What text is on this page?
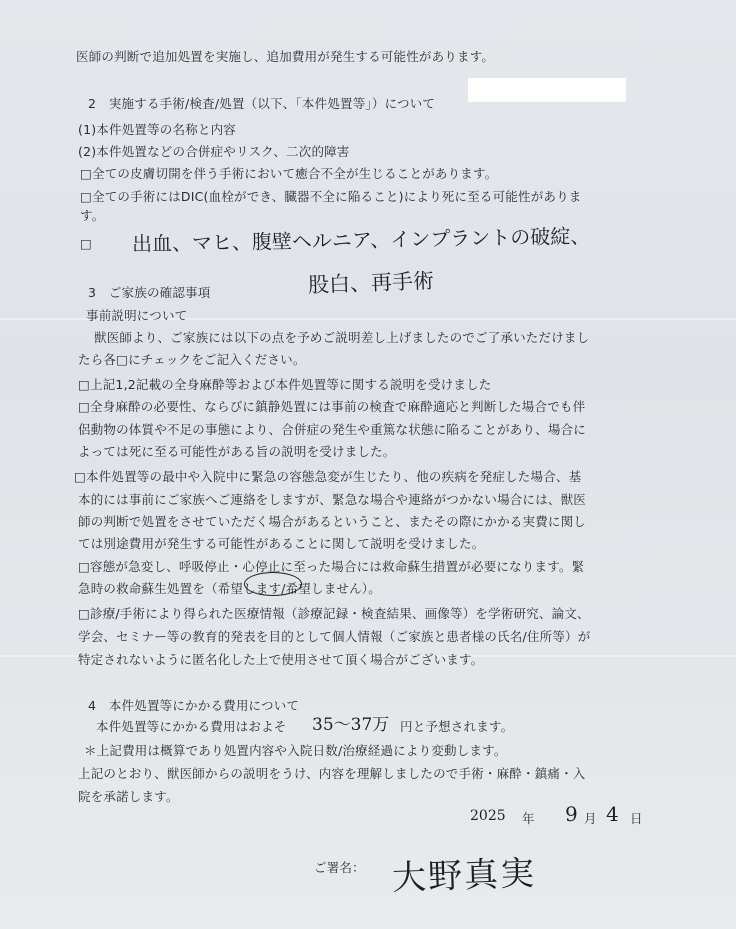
医師の判断で追加処置を実施し、追加費用が発生する可能性があります。
2　実施する手術/検査/処置（以下、「本件処置等」）について
(1)本件処置等の名称と内容
(2)本件処置などの合併症やリスク、二次的障害
□全ての皮膚切開を伴う手術において癒合不全が生じることがあります。
□全ての手術にはDIC(血栓ができ、臓器不全に陥ること)により死に至る可能性がありま
す。
□ 出血、マヒ、腹壁ヘルニア、インプラントの破綻、
股白、再手術
3　ご家族の確認事項
事前説明について
獣医師より、ご家族には以下の点を予めご説明差し上げましたのでご了承いただけまし
たら各□にチェックをご記入ください。
□上記1,2記載の全身麻酔等および本件処置等に関する説明を受けました
□全身麻酔の必要性、ならびに鎮静処置には事前の検査で麻酔適応と判断した場合でも伴
侶動物の体質や不足の事態により、合併症の発生や重篤な状態に陥ることがあり、場合に
よっては死に至る可能性がある旨の説明を受けました。
□本件処置等の最中や入院中に緊急の容態急変が生じたり、他の疾病を発症した場合、基
本的には事前にご家族へご連絡をしますが、緊急な場合や連絡がつかない場合には、獣医
師の判断で処置をさせていただく場合があるということ、またその際にかかる実費に関し
ては別途費用が発生する可能性があることに関して説明を受けました。
□容態が急変し、呼吸停止・心停止に至った場合には救命蘇生措置が必要になります。緊
急時の救命蘇生処置を（希望します/希望しません）。
□診療/手術により得られた医療情報（診療記録・検査結果、画像等）を学術研究、論文、
学会、セミナー等の教育的発表を目的として個人情報（ご家族と患者様の氏名/住所等）が
特定されないように匿名化した上で使用させて頂く場合がございます。
4　本件処置等にかかる費用について
本件処置等にかかる費用はおよそ 35〜37万 円と予想されます。
＊上記費用は概算であり処置内容や入院日数/治療経過により変動します。
上記のとおり、獣医師からの説明をうけ、内容を理解しましたので手術・麻酔・鎮痛・入
院を承諾します。
2025 年 9 月 4 日
ご署名： 大野真実
